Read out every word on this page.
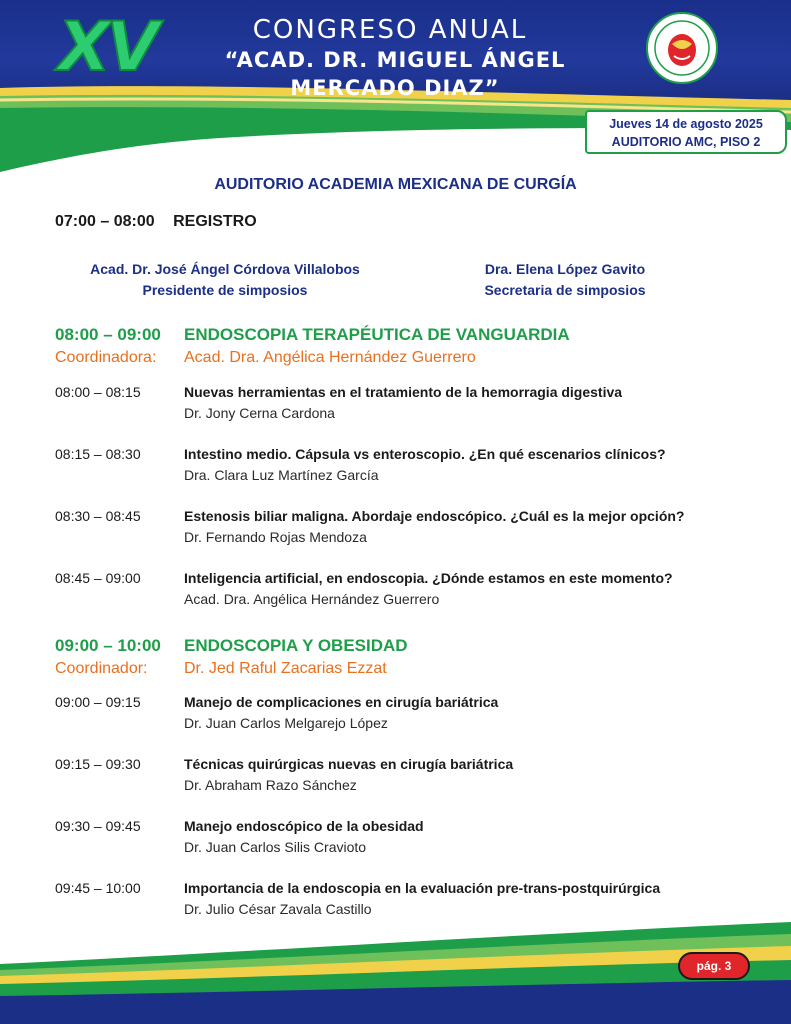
XV	CONGRESO ANUAL
“ACAD. DR. MIGUEL ÁNGEL MERCADO DIAZ”
Jueves 14 de agosto 2025
AUDITORIO AMC, PISO 2
AUDITORIO ACADEMIA MEXICANA DE CURGÍA
07:00 – 08:00 REGISTRO
Acad. Dr. José Ángel Córdova Villalobos
Presidente de simposios
Dra. Elena López Gavito
Secretaria de simposios
08:00 – 09:00 ENDOSCOPIA TERAPÉUTICA DE VANGUARDIA
Coordinadora: Acad. Dra. Angélica Hernández Guerrero
08:00 – 08:15	Nuevas herramientas en el tratamiento de la hemorragia digestiva
Dr. Jony Cerna Cardona
08:15 – 08:30	Intestino medio. Cápsula vs enteroscopio. ¿En qué escenarios clínicos?
Dra. Clara Luz Martínez García
08:30 – 08:45	Estenosis biliar maligna. Abordaje endoscópico. ¿Cuál es la mejor opción?
Dr. Fernando Rojas Mendoza
08:45 – 09:00	Inteligencia artificial, en endoscopia. ¿Dónde estamos en este momento?
Acad. Dra. Angélica Hernández Guerrero
09:00 – 10:00 ENDOSCOPIA Y OBESIDAD
Coordinador: Dr. Jed Raful Zacarias Ezzat
09:00 – 09:15	Manejo de complicaciones en cirugía bariátrica
Dr. Juan Carlos Melgarejo López
09:15 – 09:30	Técnicas quirúrgicas nuevas en cirugía bariátrica
Dr. Abraham Razo Sánchez
09:30 – 09:45	Manejo endoscópico de la obesidad
Dr. Juan Carlos Silis Cravioto
09:45 – 10:00	Importancia de la endoscopia en la evaluación pre-trans-postquirúrgica
Dr. Julio César Zavala Castillo
pág. 3
